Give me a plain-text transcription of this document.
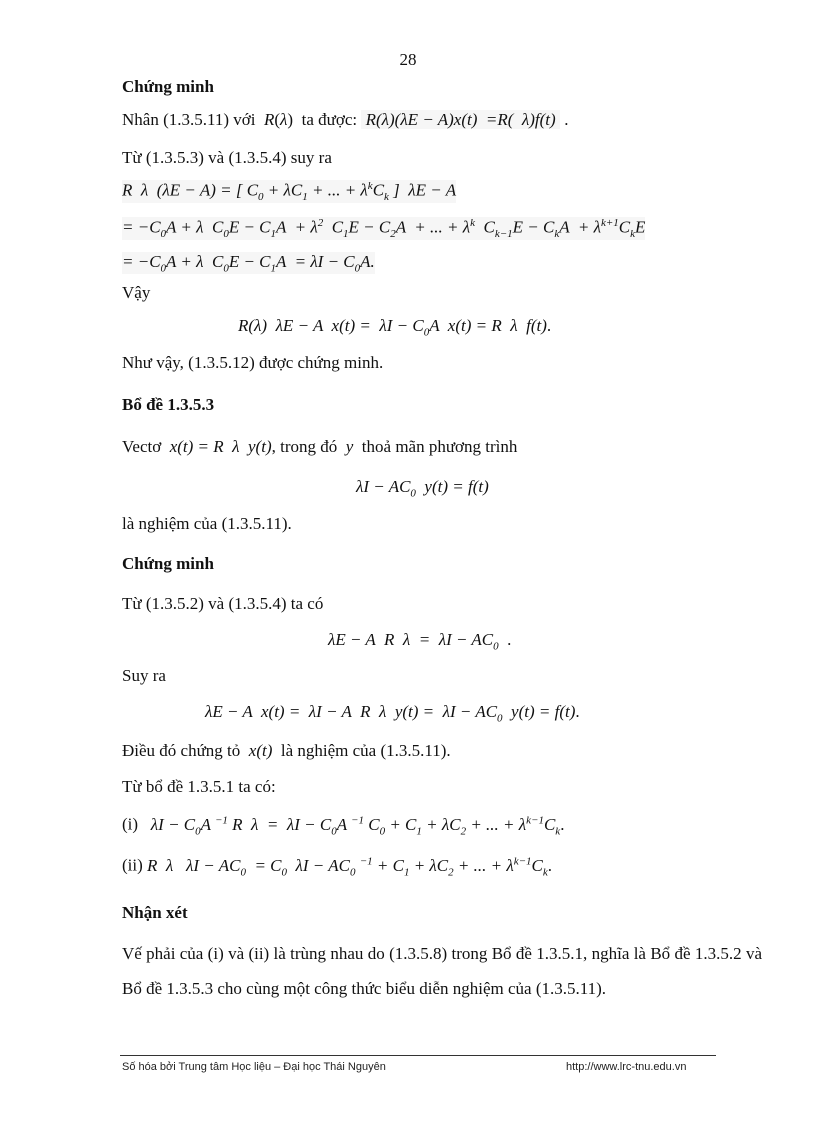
28
Chứng minh
Nhân (1.3.5.11) với  R(λ)  ta được:  R(λ)(λE − A)x(t)  =R(  λ)f(t)  .
Từ (1.3.5.3) và (1.3.5.4) suy ra
R  λ  (λE − A) = [ $C_0 + \lambda C_1$ + ... + $\lambda^kC_k$ ]  λE − A
= $-C_0A + \lambda$  $C_0E - C_1A + \lambda^2$  $C_1E - C_2A$  + ... + $\lambda^k$  $C_{k-1}E - C_kA + \lambda^{k+1}C_kE$
= $-C_0A + \lambda$  $C_0E - C_1A = \lambda I - C_0A$.
Vậy
R(λ)  λE − A  $x(t) = \lambda I - C_0A$  x(t) = R  λ  f(t).
Như vậy, (1.3.5.12) được chứng minh.
Bổ đề 1.3.5.3
Vectơ  x(t) = R  λ  y(t), trong đó  y  thoả mãn phương trình
$\lambda I - AC_0$  y(t) = f(t)
là nghiệm của (1.3.5.11).
Chứng minh
Từ (1.3.5.2) và (1.3.5.4) ta có
λE − A  R  $\lambda = \lambda I - AC_0$ .
Suy ra
λE − A  x(t) =  λI − A  R  λ  $y(t) = \lambda I - AC_0$  y(t) = f(t).
Điều đó chứng tỏ  x(t)  là nghiệm của (1.3.5.11).
Từ bổ đề 1.3.5.1 ta có:
(i)   $\lambda I - C_0A$ $^{-1}$ R  $\lambda = \lambda I - C_0A$ $^{-1}$ $C_0 + C_1 + \lambda C_2$ + ... + $\lambda^{k-1}C_k$.
(ii) R  λ   $\lambda I - AC_0 = C_0$  $\lambda I - AC_0$ $^{-1} + C_1 + \lambda C_2$ + ... + $\lambda^{k-1}C_k$.
Nhận xét
Vế phải của (i) và (ii) là trùng nhau do (1.3.5.8) trong Bổ đề 1.3.5.1, nghĩa là Bổ đề 1.3.5.2 và Bổ đề 1.3.5.3 cho cùng một công thức biểu diễn nghiệm của (1.3.5.11).
Số hóa bởi Trung tâm Học liệu – Đại học Thái Nguyên	http://www.lrc-tnu.edu.vn
